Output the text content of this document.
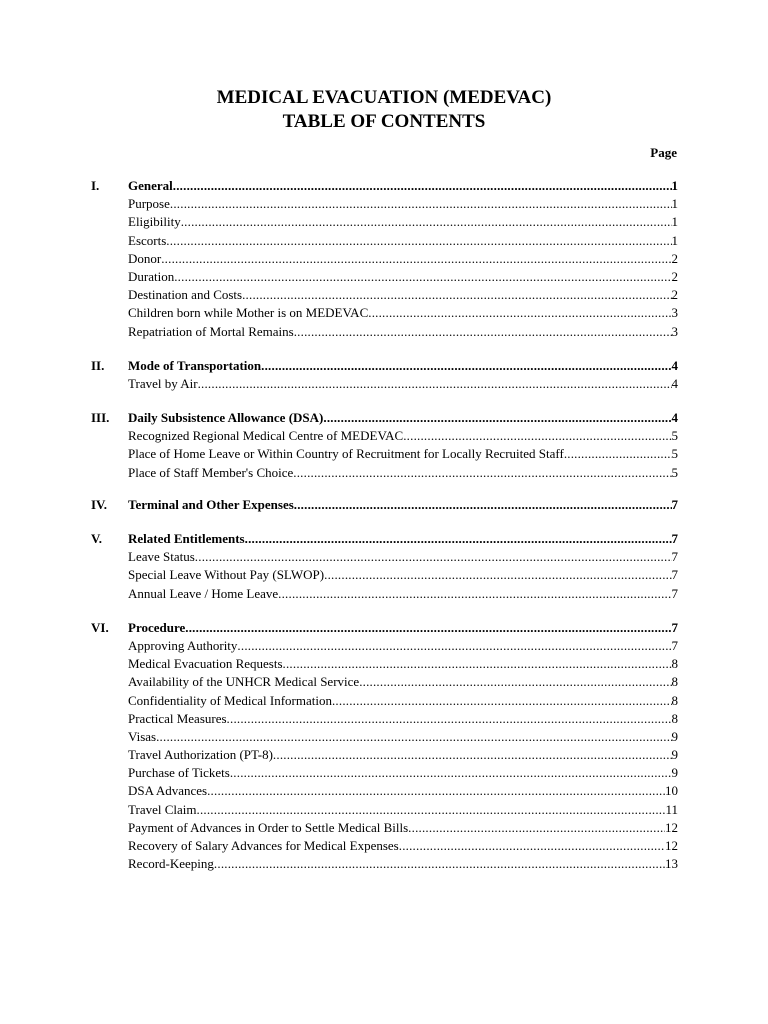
MEDICAL EVACUATION (MEDEVAC)
TABLE OF CONTENTS
Page
I.	General .....	1
Purpose .....	1
Eligibility .....	1
Escorts .....	1
Donor .....	2
Duration .....	2
Destination and Costs .....	2
Children born while Mother is on MEDEVAC .....	3
Repatriation of Mortal Remains .....	3
II.	Mode of Transportation .....	4
Travel by Air .....	4
III.	Daily Subsistence Allowance (DSA) .....	4
Recognized Regional Medical Centre of MEDEVAC .....	5
Place of Home Leave or Within Country of Recruitment for Locally Recruited Staff .....	5
Place of Staff Member's Choice .....	5
IV.	Terminal and Other Expenses .....	7
V.	Related Entitlements .....	7
Leave Status .....	7
Special Leave Without Pay (SLWOP) .....	7
Annual Leave / Home Leave .....	7
VI.	Procedure .....	7
Approving Authority .....	7
Medical Evacuation Requests .....	8
Availability of the UNHCR Medical Service .....	8
Confidentiality of Medical Information .....	8
Practical Measures .....	8
Visas .....	9
Travel Authorization (PT-8) .....	9
Purchase of Tickets .....	9
DSA Advances .....	10
Travel Claim .....	11
Payment of Advances in Order to Settle Medical Bills .....	12
Recovery of Salary Advances for Medical Expenses .....	12
Record-Keeping .....	13
